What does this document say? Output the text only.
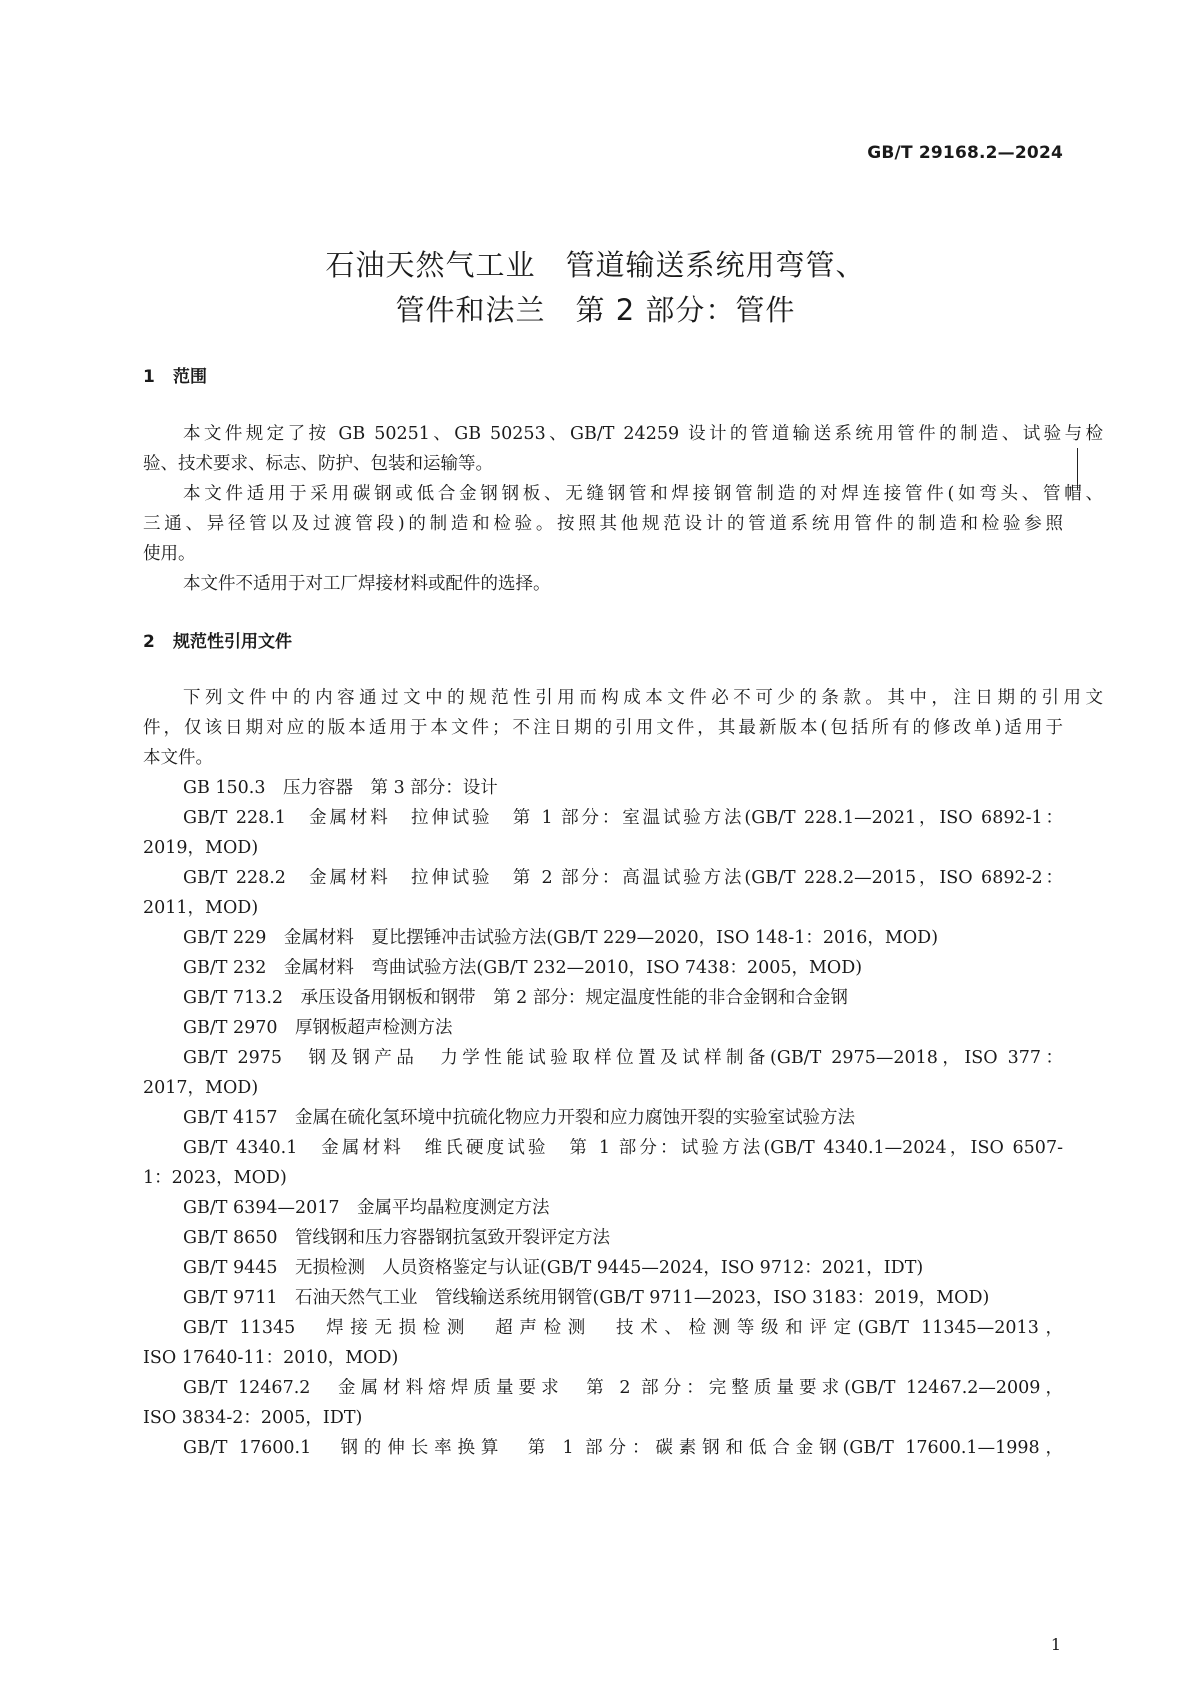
GB/T 29168.2—2024
石油天然气工业　管道输送系统用弯管、
管件和法兰　第 2 部分：管件
1 范围
本文件规定了按 GB 50251、GB 50253、GB/T 24259 设计的管道输送系统用管件的制造、试验与检
验、技术要求、标志、防护、包装和运输等。
本文件适用于采用碳钢或低合金钢钢板、无缝钢管和焊接钢管制造的对焊连接管件(如弯头、管帽、
三通、异径管以及过渡管段)的制造和检验。按照其他规范设计的管道系统用管件的制造和检验参照
使用。
本文件不适用于对工厂焊接材料或配件的选择。
2 规范性引用文件
下列文件中的内容通过文中的规范性引用而构成本文件必不可少的条款。其中，注日期的引用文
件，仅该日期对应的版本适用于本文件；不注日期的引用文件，其最新版本(包括所有的修改单)适用于
本文件。
GB 150.3　压力容器　第 3 部分：设计
GB/T 228.1　金属材料　拉伸试验　第 1 部分：室温试验方法(GB/T 228.1—2021，ISO 6892-1：
2019，MOD)
GB/T 228.2　金属材料　拉伸试验　第 2 部分：高温试验方法(GB/T 228.2—2015，ISO 6892-2：
2011，MOD)
GB/T 229　金属材料　夏比摆锤冲击试验方法(GB/T 229—2020，ISO 148-1：2016，MOD)
GB/T 232　金属材料　弯曲试验方法(GB/T 232—2010，ISO 7438：2005，MOD)
GB/T 713.2　承压设备用钢板和钢带　第 2 部分：规定温度性能的非合金钢和合金钢
GB/T 2970　厚钢板超声检测方法
GB/T 2975　钢及钢产品　力学性能试验取样位置及试样制备(GB/T 2975—2018，ISO 377：
2017，MOD)
GB/T 4157　金属在硫化氢环境中抗硫化物应力开裂和应力腐蚀开裂的实验室试验方法
GB/T 4340.1　金属材料　维氏硬度试验　第 1 部分：试验方法(GB/T 4340.1—2024，ISO 6507-
1：2023，MOD)
GB/T 6394—2017　金属平均晶粒度测定方法
GB/T 8650　管线钢和压力容器钢抗氢致开裂评定方法
GB/T 9445　无损检测　人员资格鉴定与认证(GB/T 9445—2024，ISO 9712：2021，IDT)
GB/T 9711　石油天然气工业　管线输送系统用钢管(GB/T 9711—2023，ISO 3183：2019，MOD)
GB/T 11345　焊接无损检测　超声检测　技术、检测等级和评定(GB/T 11345—2013，
ISO 17640-11：2010，MOD)
GB/T 12467.2　金属材料熔焊质量要求　第 2 部分：完整质量要求(GB/T 12467.2—2009，
ISO 3834-2：2005，IDT)
GB/T 17600.1　钢的伸长率换算　第 1 部分：碳素钢和低合金钢(GB/T 17600.1—1998，
1
